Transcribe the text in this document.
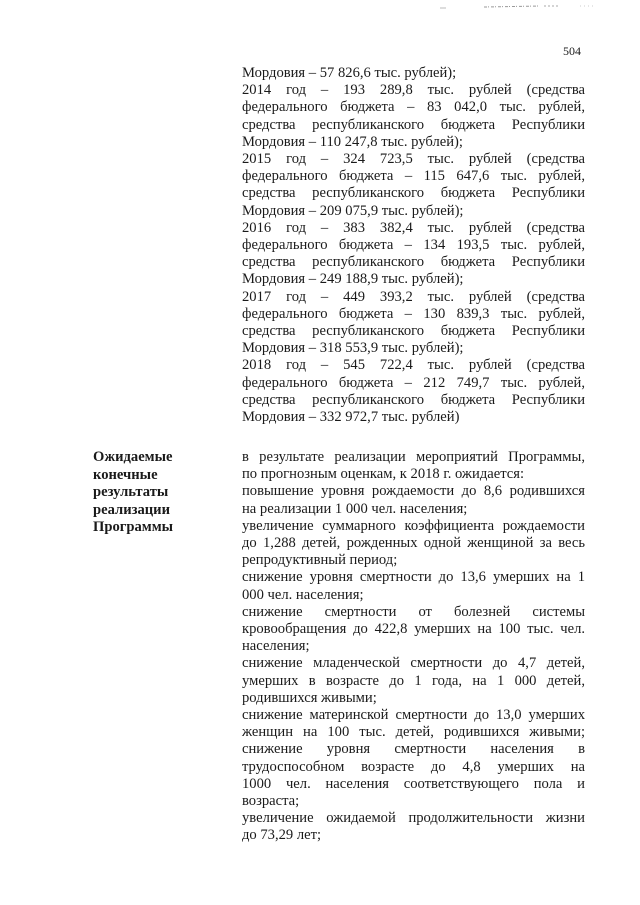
504
Мордовия – 57 826,6 тыс. рублей);
2014 год – 193 289,8 тыс. рублей (средства
федерального бюджета – 83 042,0 тыс. рублей,
средства республиканского бюджета Республики
Мордовия – 110 247,8 тыс. рублей);
2015 год – 324 723,5 тыс. рублей (средства
федерального бюджета – 115 647,6 тыс. рублей,
средства республиканского бюджета Республики
Мордовия – 209 075,9 тыс. рублей);
2016 год – 383 382,4 тыс. рублей (средства
федерального бюджета – 134 193,5 тыс. рублей,
средства республиканского бюджета Республики
Мордовия – 249 188,9 тыс. рублей);
2017 год – 449 393,2 тыс. рублей (средства
федерального бюджета – 130 839,3 тыс. рублей,
средства республиканского бюджета Республики
Мордовия – 318 553,9 тыс. рублей);
2018 год – 545 722,4 тыс. рублей (средства
федерального бюджета – 212 749,7 тыс. рублей,
средства республиканского бюджета Республики
Мордовия – 332 972,7 тыс. рублей)
Ожидаемые
конечные
результаты
реализации
Программы
в результате реализации мероприятий Программы,
по прогнозным оценкам, к 2018 г. ожидается:
повышение уровня рождаемости до 8,6 родившихся
на реализации 1 000 чел. населения;
увеличение суммарного коэффициента рождаемости
до 1,288 детей, рожденных одной женщиной за весь
репродуктивный период;
снижение уровня смертности до 13,6 умерших на 1
000 чел. населения;
снижение смертности от болезней системы
кровообращения до 422,8 умерших на 100 тыс. чел.
населения;
снижение младенческой смертности до 4,7 детей,
умерших в возрасте до 1 года, на 1 000 детей,
родившихся живыми;
снижение материнской смертности до 13,0 умерших
женщин на 100 тыс. детей, родившихся живыми;
снижение уровня смертности населения в
трудоспособном возрасте до 4,8 умерших на
1000 чел. населения соответствующего пола и
возраста;
увеличение ожидаемой продолжительности жизни
до 73,29 лет;
